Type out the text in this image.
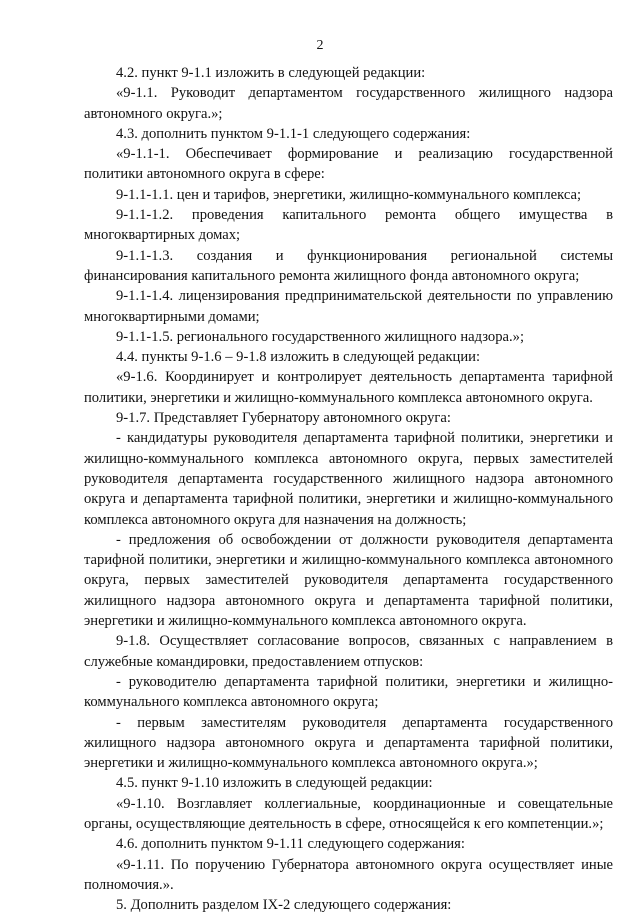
2

4.2. пункт 9-1.1 изложить в следующей редакции:

«9-1.1. Руководит департаментом государственного жилищного надзора автономного округа.»;

4.3. дополнить пунктом 9-1.1-1 следующего содержания:

«9-1.1-1. Обеспечивает формирование и реализацию государственной политики автономного округа в сфере:

9-1.1-1.1. цен и тарифов, энергетики, жилищно-коммунального комплекса;

9-1.1-1.2. проведения капитального ремонта общего имущества в многоквартирных домах;

9-1.1-1.3. создания и функционирования региональной системы финансирования капитального ремонта жилищного фонда автономного округа;

9-1.1-1.4. лицензирования предпринимательской деятельности по управлению многоквартирными домами;

9-1.1-1.5. регионального государственного жилищного надзора.»;

4.4. пункты 9-1.6 – 9-1.8 изложить в следующей редакции:

«9-1.6. Координирует и контролирует деятельность департамента тарифной политики, энергетики и жилищно-коммунального комплекса автономного округа.

9-1.7. Представляет Губернатору автономного округа:

- кандидатуры руководителя департамента тарифной политики, энергетики и жилищно-коммунального комплекса автономного округа, первых заместителей руководителя департамента государственного жилищного надзора автономного округа и департамента тарифной политики, энергетики и жилищно-коммунального комплекса автономного округа для назначения на должность;

- предложения об освобождении от должности руководителя департамента тарифной политики, энергетики и жилищно-коммунального комплекса автономного округа, первых заместителей руководителя департамента государственного жилищного надзора автономного округа и департамента тарифной политики, энергетики и жилищно-коммунального комплекса автономного округа.

9-1.8. Осуществляет согласование вопросов, связанных с направлением в служебные командировки, предоставлением отпусков:

- руководителю департамента тарифной политики, энергетики и жилищно-коммунального комплекса автономного округа;

- первым заместителям руководителя департамента государственного жилищного надзора автономного округа и департамента тарифной политики, энергетики и жилищно-коммунального комплекса автономного округа.»;

4.5. пункт 9-1.10 изложить в следующей редакции:

«9-1.10. Возглавляет коллегиальные, координационные и совещательные органы, осуществляющие деятельность в сфере, относящейся к его компетенции.»;

4.6. дополнить пунктом 9-1.11 следующего содержания:

«9-1.11. По поручению Губернатора автономного округа осуществляет иные полномочия.».

5. Дополнить разделом IX-2 следующего содержания:
